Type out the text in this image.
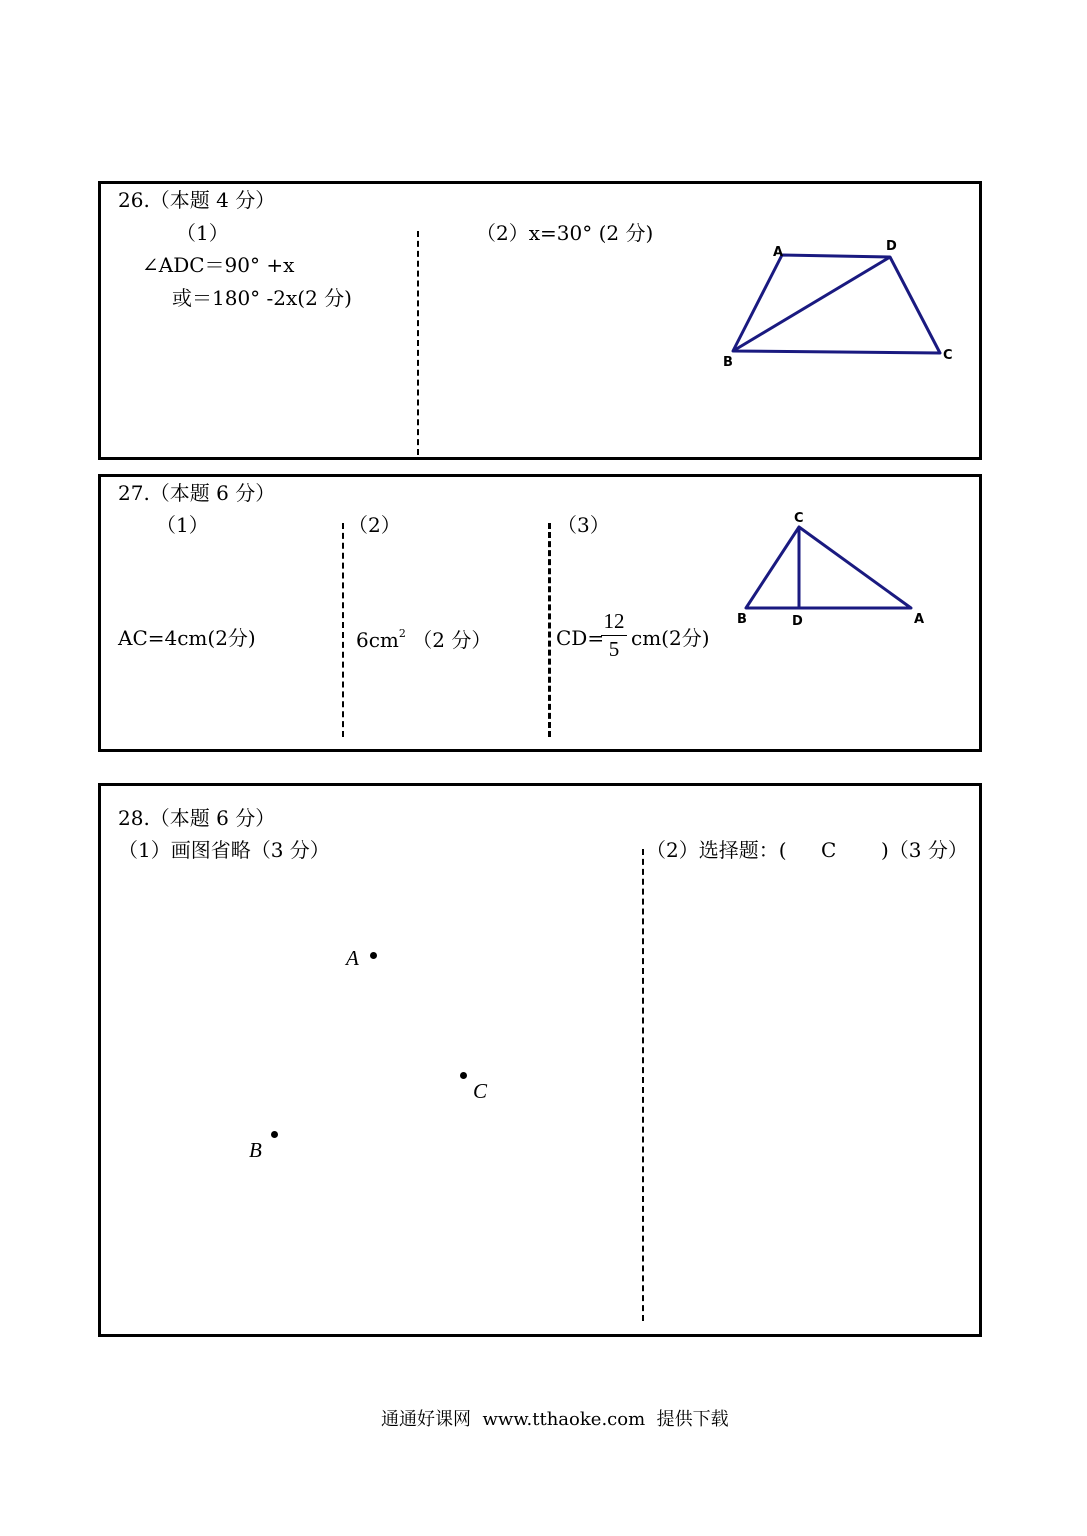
26.（本题 4 分）
（1）
∠ADC＝90° +x
或＝180° -2x(2 分)
（2）x=30° (2 分)
A	D
B	C
27.（本题 6 分）
（1）
AC=4cm(2分)
（2）
$6cm^2$ （2 分）
（3）
CD=
12
5 cm(2分)
C
B	D	A
28.（本题 6 分）
（1）画图省略（3 分）	（2）选择题：( C )（3 分）
A
C
B
通通好课网  www.tthaoke.com  提供下载
